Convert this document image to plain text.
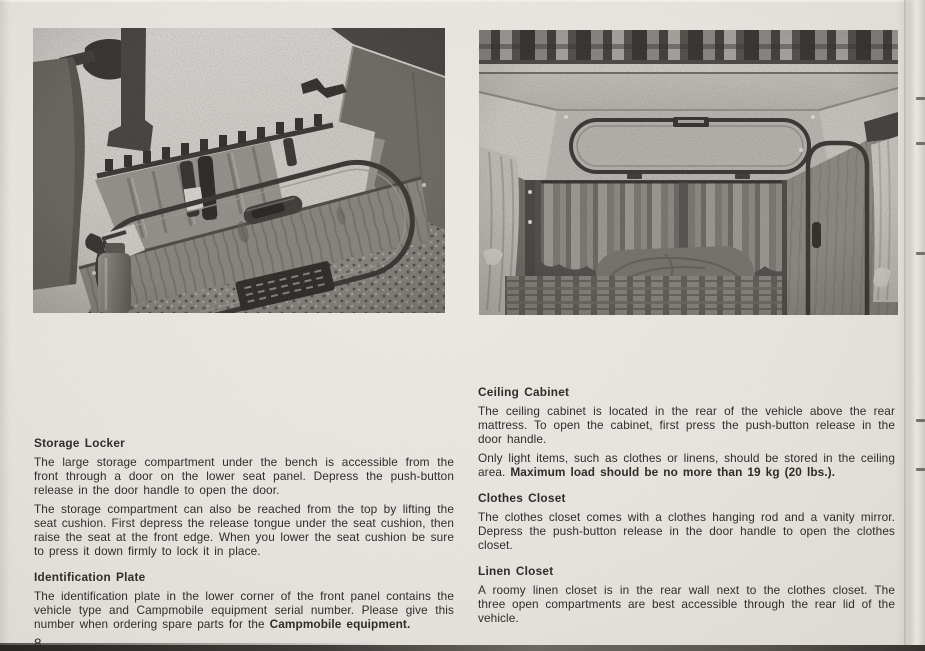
Storage Locker

The large storage compartment under the bench is accessible from the front through a door on the lower seat panel. Depress the push-button release in the door handle to open the door.

The storage compartment can also be reached from the top by lifting the seat cushion. First depress the release tongue under the seat cushion, then raise the seat at the front edge. When you lower the seat cushion be sure to press it down firmly to lock it in place.

Identification Plate

The identification plate in the lower corner of the front panel contains the vehicle type and Campmobile equipment serial number. Please give this number when ordering spare parts for the Campmobile equipment.

Ceiling Cabinet

The ceiling cabinet is located in the rear of the vehicle above the rear mattress. To open the cabinet, first press the push-button release in the door handle.

Only light items, such as clothes or linens, should be stored in the ceiling area. Maximum load should be no more than 19 kg (20 lbs.).

Clothes Closet

The clothes closet comes with a clothes hanging rod and a vanity mirror. Depress the push-button release in the door handle to open the clothes closet.

Linen Closet

A roomy linen closet is in the rear wall next to the clothes closet. The three open compartments are best accessible through the rear lid of the vehicle.
